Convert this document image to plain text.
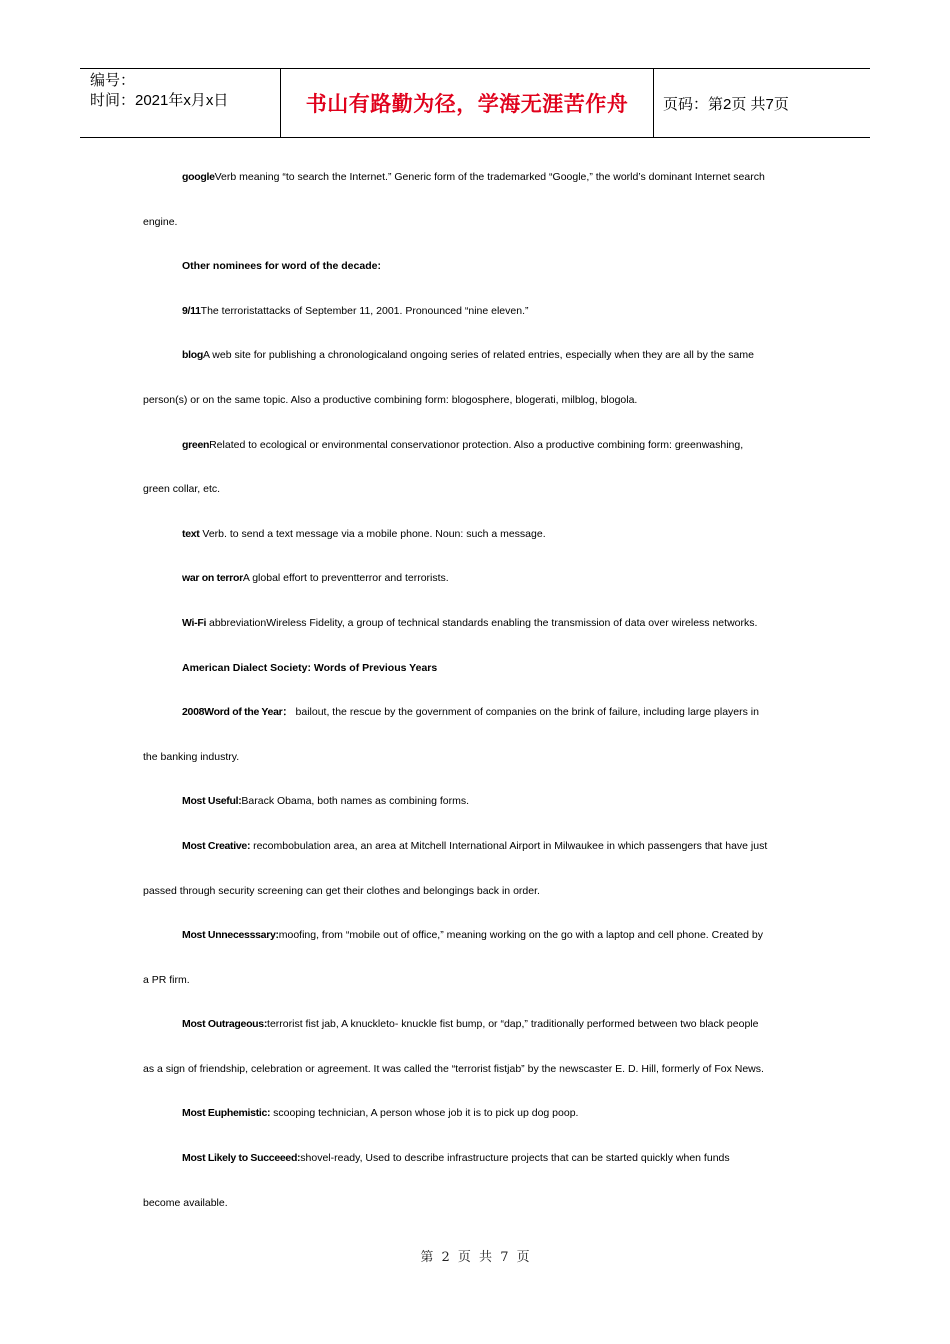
编号：
时间：2021年x月x日	书山有路勤为径，学海无涯苦作舟 页码：第2页 共7页

googleVerb meaning “to search the Internet.” Generic form of the trademarked “Google,” the world’s dominant Internet search

engine.

Other nominees for word of the decade:

9/11The terroristattacks of September 11, 2001. Pronounced “nine eleven.”

blogA web site for publishing a chronologicaland ongoing series of related entries, especially when they are all by the same

person(s) or on the same topic. Also a productive combining form: blogosphere, blogerati, milblog, blogola.

greenRelated to ecological or environmental conservationor protection. Also a productive combining form: greenwashing,

green collar, etc.

text Verb. to send a text message via a mobile phone. Noun: such a message.

war on terrorA global effort to preventterror and terrorists.

Wi-Fi abbreviationWireless Fidelity, a group of technical standards enabling the transmission of data over wireless networks.

American Dialect Society: Words of Previous Years

2008Word of the Year： bailout, the rescue by the government of companies on the brink of failure, including large players in

the banking industry.

Most Useful:Barack Obama, both names as combining forms.

Most Creative: recombobulation area, an area at Mitchell International Airport in Milwaukee in which passengers that have just

passed through security screening can get their clothes and belongings back in order.

Most Unnecesssary:moofing, from “mobile out of office,” meaning working on the go with a laptop and cell phone. Created by

a PR firm.

Most Outrageous:terrorist fist jab, A knuckleto- knuckle fist bump, or “dap,” traditionally performed between two black people

as a sign of friendship, celebration or agreement. It was called the “terrorist fistjab” by the newscaster E. D. Hill, formerly of Fox News.

Most Euphemistic: scooping technician, A person whose job it is to pick up dog poop.

Most Likely to Succeeed:shovel-ready, Used to describe infrastructure projects that can be started quickly when funds

become available.

第 2 页 共 7 页
